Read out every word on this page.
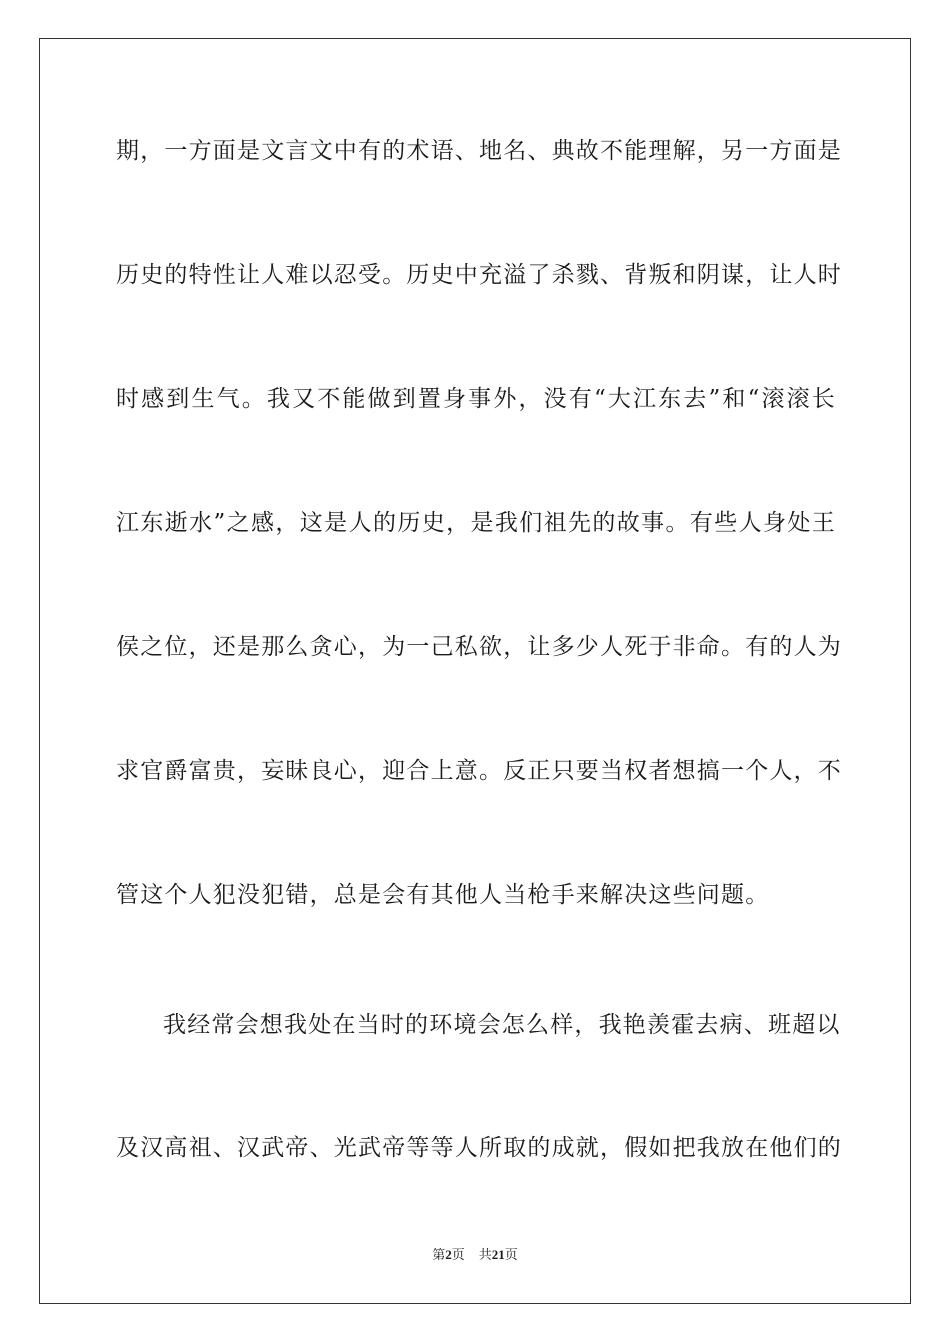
期，一方面是文言文中有的术语、地名、典故不能理解，另一方面是
历史的特性让人难以忍受。历史中充溢了杀戮、背叛和阴谋，让人时
时感到生气。我又不能做到置身事外，没有“大江东去”和“滚滚长
江东逝水”之感，这是人的历史，是我们祖先的故事。有些人身处王
侯之位，还是那么贪心，为一己私欲，让多少人死于非命。有的人为
求官爵富贵，妄昧良心，迎合上意。反正只要当权者想搞一个人，不
管这个人犯没犯错，总是会有其他人当枪手来解决这些问题。
我经常会想我处在当时的环境会怎么样，我艳羡霍去病、班超以
及汉高祖、汉武帝、光武帝等等人所取的成就，假如把我放在他们的
第2页 共21页
